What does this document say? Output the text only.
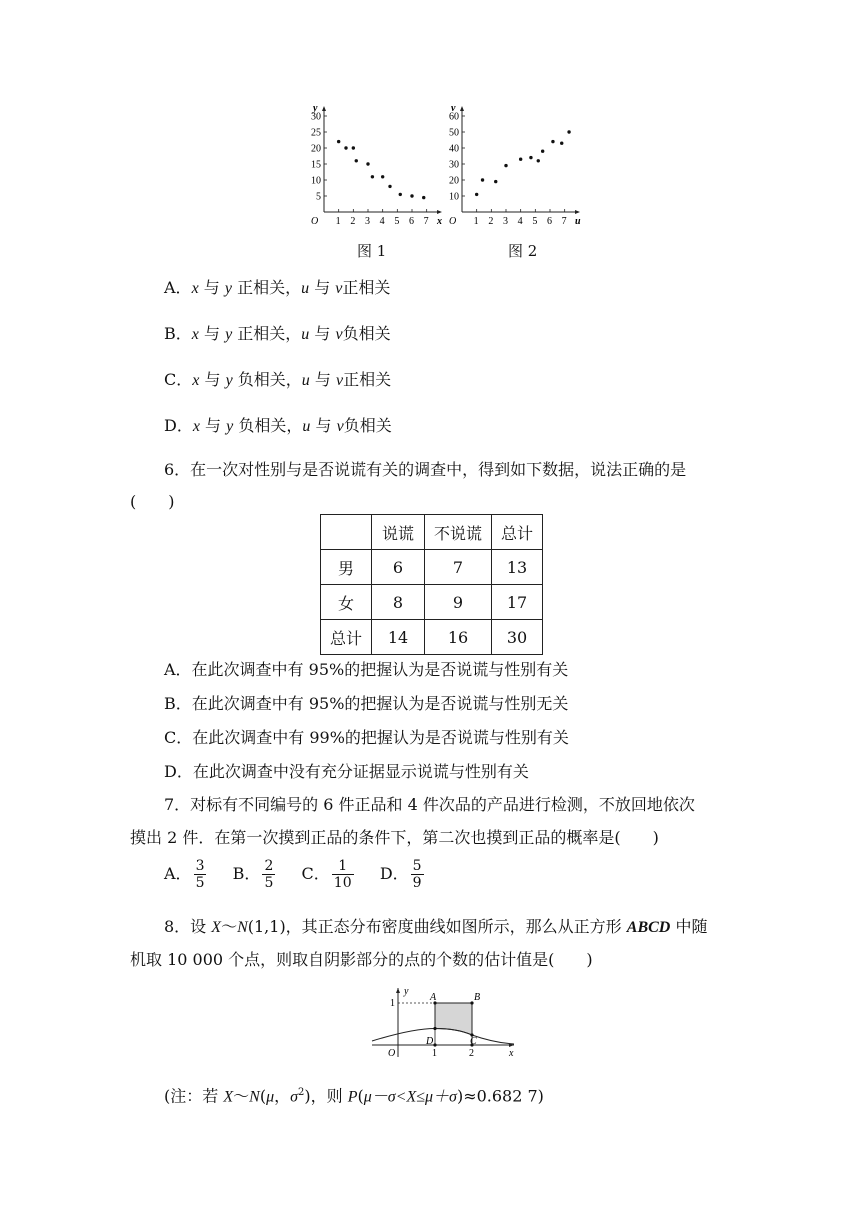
x
y
O 1 2 3 4 5 6 7
5
10
15
20
25
30
图 1
u
v
O 1 2 3 4 5 6 7
10
20
30
40
50
60
图 2
A．x 与 y 正相关，u 与 v正相关
B．x 与 y 正相关，u 与 v负相关
C．x 与 y 负相关，u 与 v正相关
D．x 与 y 负相关，u 与 v负相关
6．在一次对性别与是否说谎有关的调查中，得到如下数据，说法正确的是
(　　)
	说谎	不说谎	总计
男	6	7	13
女	8	9	17
总计	14	16	30
A．在此次调查中有 95%的把握认为是否说谎与性别有关
B．在此次调查中有 95%的把握认为是否说谎与性别无关
C．在此次调查中有 99%的把握认为是否说谎与性别有关
D．在此次调查中没有充分证据显示说谎与性别有关
7．对标有不同编号的 6 件正品和 4 件次品的产品进行检测，不放回地依次
摸出 2 件．在第一次摸到正品的条件下，第二次也摸到正品的概率是(　　)
A． $\frac{3}{5}$ B． $\frac{2}{5}$ C． $\frac{1}{10}$ D． $\frac{5}{9}$
8．设 X～N(1,1)，其正态分布密度曲线如图所示，那么从正方形 ABCD 中随
机取 10 000 个点，则取自阴影部分的点的个数的估计值是(　　)
y
x
O
1
1	2
A	B
C
D
(注：若 X～N(μ，$\sigma^2$)，则 P(μ－σ<X≤μ＋σ)≈0.682 7)
